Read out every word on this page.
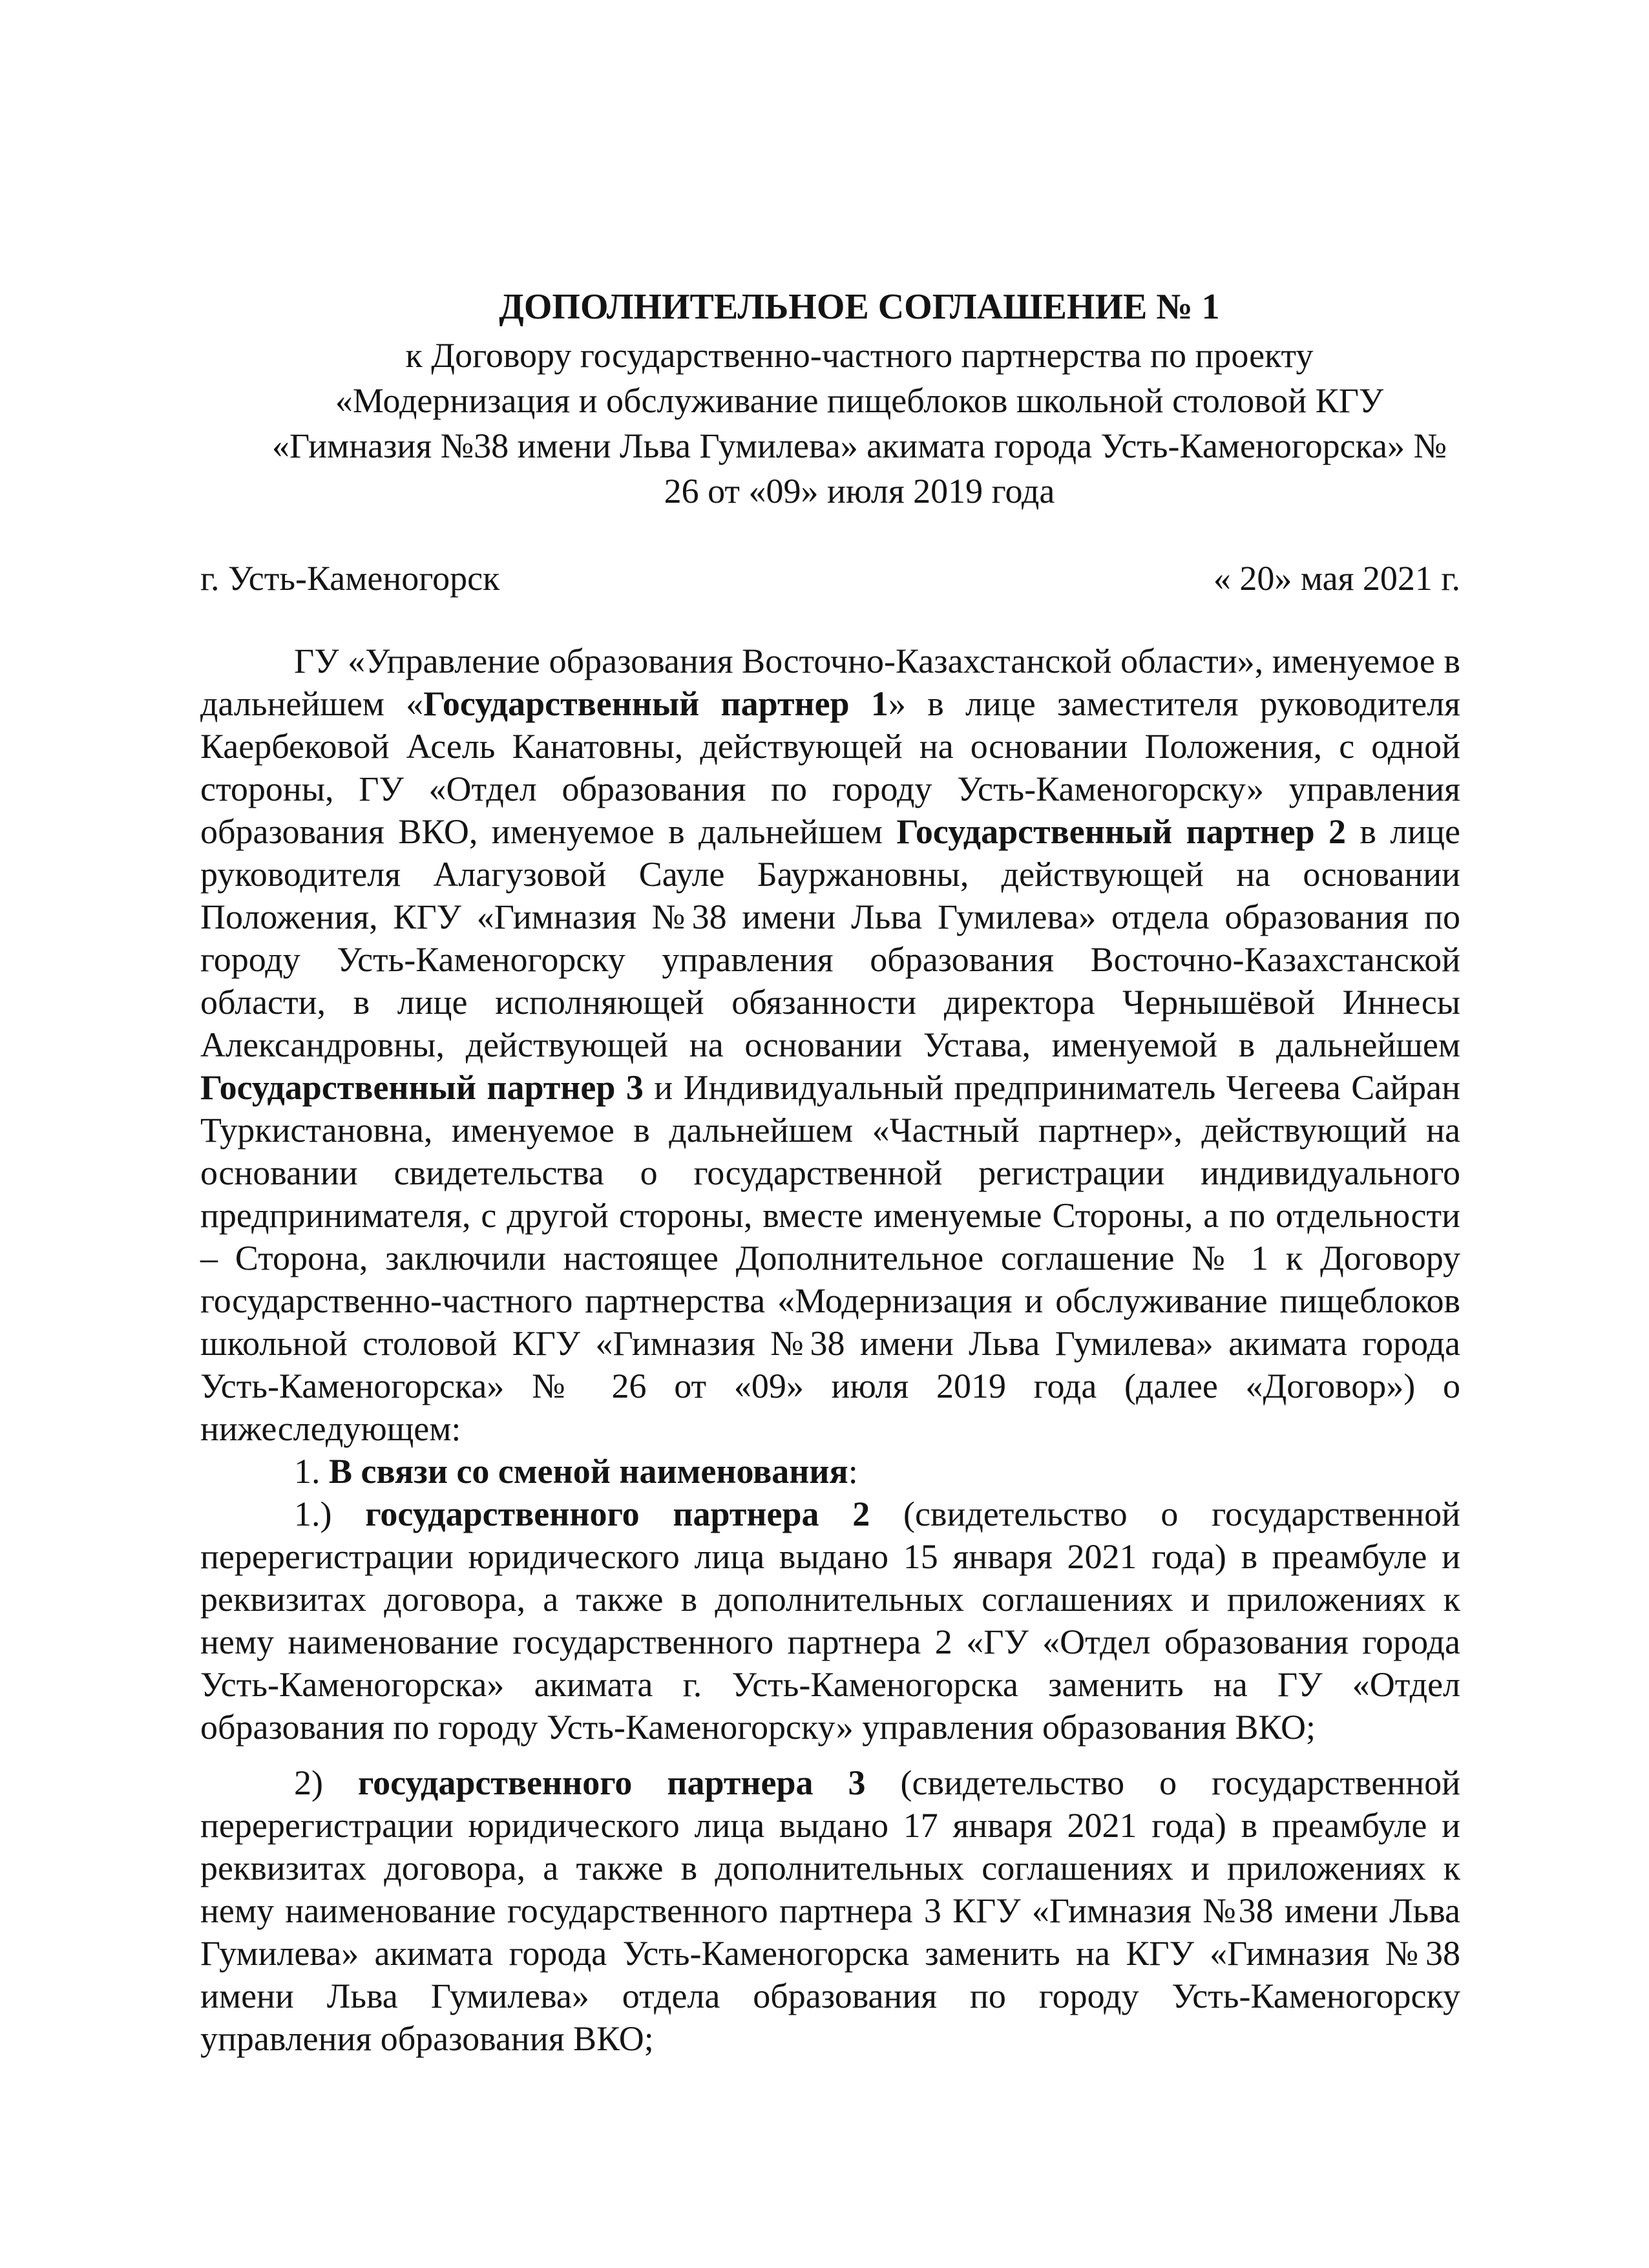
ДОПОЛНИТЕЛЬНОЕ СОГЛАШЕНИЕ № 1
к Договору государственно-частного партнерства по проекту
«Модернизация и обслуживание пищеблоков школьной столовой КГУ
«Гимназия №38 имени Льва Гумилева» акимата города Усть-Каменогорска» №
26 от «09» июля 2019 года
г. Усть-Каменогорск	« 20» мая 2021 г.

ГУ «Управление образования Восточно-Казахстанской области», именуемое в дальнейшем «Государственный партнер 1» в лице заместителя руководителя Каербековой Асель Канатовны, действующей на основании Положения, с одной стороны, ГУ «Отдел образования по городу Усть-Каменогорску» управления образования ВКО, именуемое в дальнейшем Государственный партнер 2 в лице руководителя Алагузовой Сауле Бауржановны, действующей на основании Положения, КГУ «Гимназия №38 имени Льва Гумилева» отдела образования по городу Усть-Каменогорску управления образования Восточно-Казахстанской области, в лице исполняющей обязанности директора Чернышёвой Иннесы Александровны, действующей на основании Устава, именуемой в дальнейшем Государственный партнер 3 и Индивидуальный предприниматель Чегеева Сайран Туркистановна, именуемое в дальнейшем «Частный партнер», действующий на основании свидетельства о государственной регистрации индивидуального предпринимателя, с другой стороны, вместе именуемые Стороны, а по отдельности – Сторона, заключили настоящее Дополнительное соглашение № 1 к Договору государственно-частного партнерства «Модернизация и обслуживание пищеблоков школьной столовой КГУ «Гимназия №38 имени Льва Гумилева» акимата города Усть-Каменогорска» № 26 от «09» июля 2019 года (далее «Договор») о нижеследующем:

1. В связи со сменой наименования:

1.) государственного партнера 2 (свидетельство о государственной перерегистрации юридического лица выдано 15 января 2021 года) в преамбуле и реквизитах договора, а также в дополнительных соглашениях и приложениях к нему наименование государственного партнера 2 «ГУ «Отдел образования города Усть-Каменогорска» акимата г. Усть-Каменогорска заменить на ГУ «Отдел образования по городу Усть-Каменогорску» управления образования ВКО;

2) государственного партнера 3 (свидетельство о государственной перерегистрации юридического лица выдано 17 января 2021 года) в преамбуле и реквизитах договора, а также в дополнительных соглашениях и приложениях к нему наименование государственного партнера 3 КГУ «Гимназия №38 имени Льва Гумилева» акимата города Усть-Каменогорска заменить на КГУ «Гимназия №38 имени Льва Гумилева» отдела образования по городу Усть-Каменогорску управления образования ВКО;
